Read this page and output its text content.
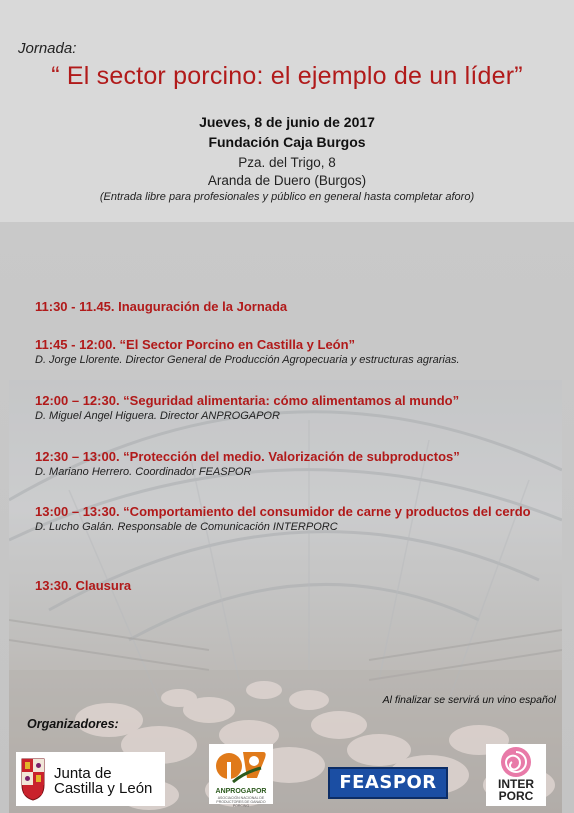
Jornada:
“ El sector porcino: el ejemplo de un líder”
Jueves, 8 de junio de 2017
Fundación Caja Burgos
Pza. del Trigo, 8
Aranda de Duero (Burgos)
(Entrada libre para profesionales y público en general hasta completar aforo)
11:30 - 11.45. Inauguración de la Jornada
11:45 - 12:00. “El Sector Porcino en Castilla y León”
D. Jorge Llorente. Director General de Producción Agropecuaria y estructuras agrarias.
12:00 – 12:30. “Seguridad alimentaria: cómo alimentamos al mundo”
D. Miguel Angel Higuera. Director ANPROGAPOR
12:30 – 13:00. “Protección del medio. Valorización de subproductos”
D. Mariano Herrero. Coordinador FEASPOR
13:00 – 13:30. “Comportamiento del consumidor de carne y productos del cerdo
D. Lucho Galán. Responsable de Comunicación INTERPORC
13:30. Clausura
Al finalizar se servirá un vino español
Organizadores:
Junta de
Castilla y León	ANPROGAPOR
ASOCIACIÓN NACIONAL DE PRODUCTORES DE GANADO PORCINO
FEASPOR	INTER
PORC
